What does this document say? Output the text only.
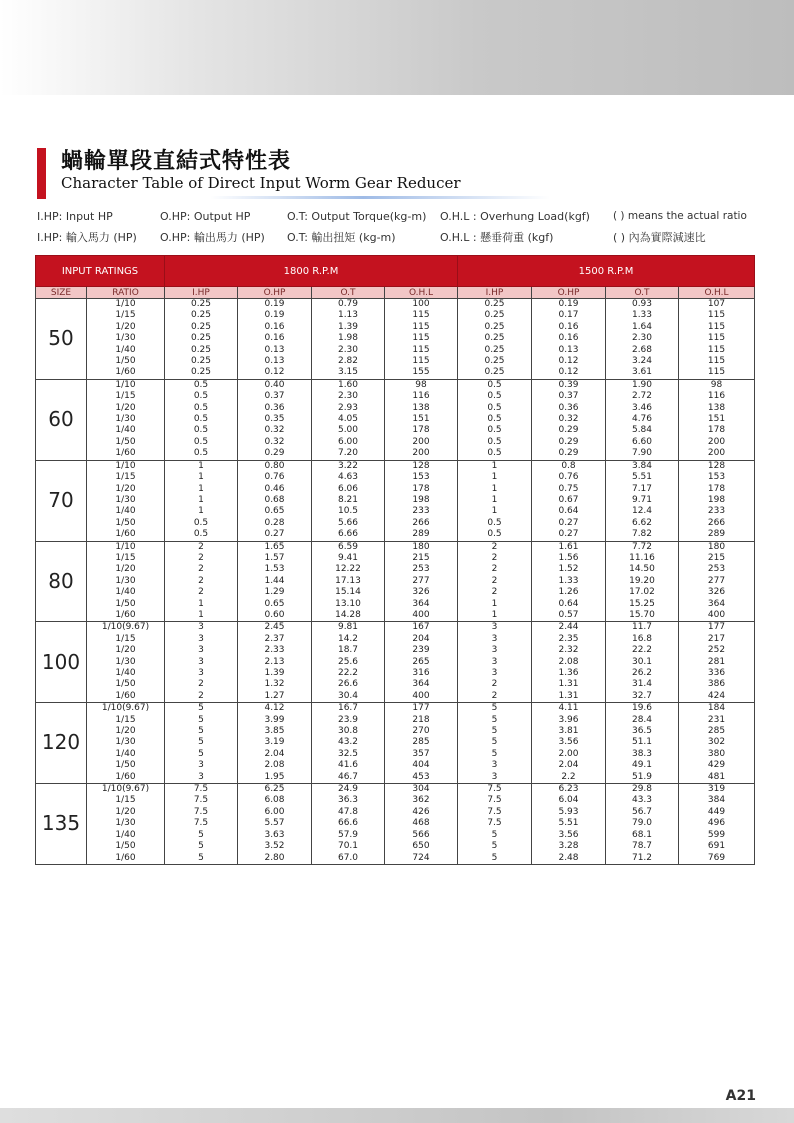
蝸輪單段直結式特性表
Character Table of Direct Input Worm Gear Reducer
I.HP: Input HP	O.HP: Output HP	O.T: Output Torque(kg-m) O.H.L : Overhung Load(kgf) ( ) means the actual ratio
I.HP: 輸入馬力 (HP) O.HP: 輸出馬力 (HP) O.T: 輸出扭矩 (kg-m)	O.H.L : 懸垂荷重 (kgf)	( ) 內為實際減速比
INPUT RATINGS		1800 R.P.M				1500 R.P.M			
SIZE	RATIO	I.HP	O.HP	O.T	O.H.L	I.HP	O.HP	O.T	O.H.L
50	1/10	0.25	0.19	0.79	100	0.25	0.19	0.93	107
	1/15	0.25	0.19	1.13	115	0.25	0.17	1.33	115
	1/20	0.25	0.16	1.39	115	0.25	0.16	1.64	115
	1/30	0.25	0.16	1.98	115	0.25	0.16	2.30	115
	1/40	0.25	0.13	2.30	115	0.25	0.13	2.68	115
	1/50	0.25	0.13	2.82	115	0.25	0.12	3.24	115
	1/60	0.25	0.12	3.15	155	0.25	0.12	3.61	115
60	1/10	0.5	0.40	1.60	98	0.5	0.39	1.90	98
	1/15	0.5	0.37	2.30	116	0.5	0.37	2.72	116
	1/20	0.5	0.36	2.93	138	0.5	0.36	3.46	138
	1/30	0.5	0.35	4.05	151	0.5	0.32	4.76	151
	1/40	0.5	0.32	5.00	178	0.5	0.29	5.84	178
	1/50	0.5	0.32	6.00	200	0.5	0.29	6.60	200
	1/60	0.5	0.29	7.20	200	0.5	0.29	7.90	200
70	1/10	1	0.80	3.22	128	1	0.8	3.84	128
	1/15	1	0.76	4.63	153	1	0.76	5.51	153
	1/20	1	0.46	6.06	178	1	0.75	7.17	178
	1/30	1	0.68	8.21	198	1	0.67	9.71	198
	1/40	1	0.65	10.5	233	1	0.64	12.4	233
	1/50	0.5	0.28	5.66	266	0.5	0.27	6.62	266
	1/60	0.5	0.27	6.66	289	0.5	0.27	7.82	289
80	1/10	2	1.65	6.59	180	2	1.61	7.72	180
	1/15	2	1.57	9.41	215	2	1.56	11.16	215
	1/20	2	1.53	12.22	253	2	1.52	14.50	253
	1/30	2	1.44	17.13	277	2	1.33	19.20	277
	1/40	2	1.29	15.14	326	2	1.26	17.02	326
	1/50	1	0.65	13.10	364	1	0.64	15.25	364
	1/60	1	0.60	14.28	400	1	0.57	15.70	400
100	1/10(9.67)	3	2.45	9.81	167	3	2.44	11.7	177
	1/15	3	2.37	14.2	204	3	2.35	16.8	217
	1/20	3	2.33	18.7	239	3	2.32	22.2	252
	1/30	3	2.13	25.6	265	3	2.08	30.1	281
	1/40	3	1.39	22.2	316	3	1.36	26.2	336
	1/50	2	1.32	26.6	364	2	1.31	31.4	386
	1/60	2	1.27	30.4	400	2	1.31	32.7	424
120	1/10(9.67)	5	4.12	16.7	177	5	4.11	19.6	184
	1/15	5	3.99	23.9	218	5	3.96	28.4	231
	1/20	5	3.85	30.8	270	5	3.81	36.5	285
	1/30	5	3.19	43.2	285	5	3.56	51.1	302
	1/40	5	2.04	32.5	357	5	2.00	38.3	380
	1/50	3	2.08	41.6	404	3	2.04	49.1	429
	1/60	3	1.95	46.7	453	3	2.2	51.9	481
135	1/10(9.67)	7.5	6.25	24.9	304	7.5	6.23	29.8	319
	1/15	7.5	6.08	36.3	362	7.5	6.04	43.3	384
	1/20	7.5	6.00	47.8	426	7.5	5.93	56.7	449
	1/30	7.5	5.57	66.6	468	7.5	5.51	79.0	496
	1/40	5	3.63	57.9	566	5	3.56	68.1	599
	1/50	5	3.52	70.1	650	5	3.28	78.7	691
	1/60	5	2.80	67.0	724	5	2.48	71.2	769
A21
